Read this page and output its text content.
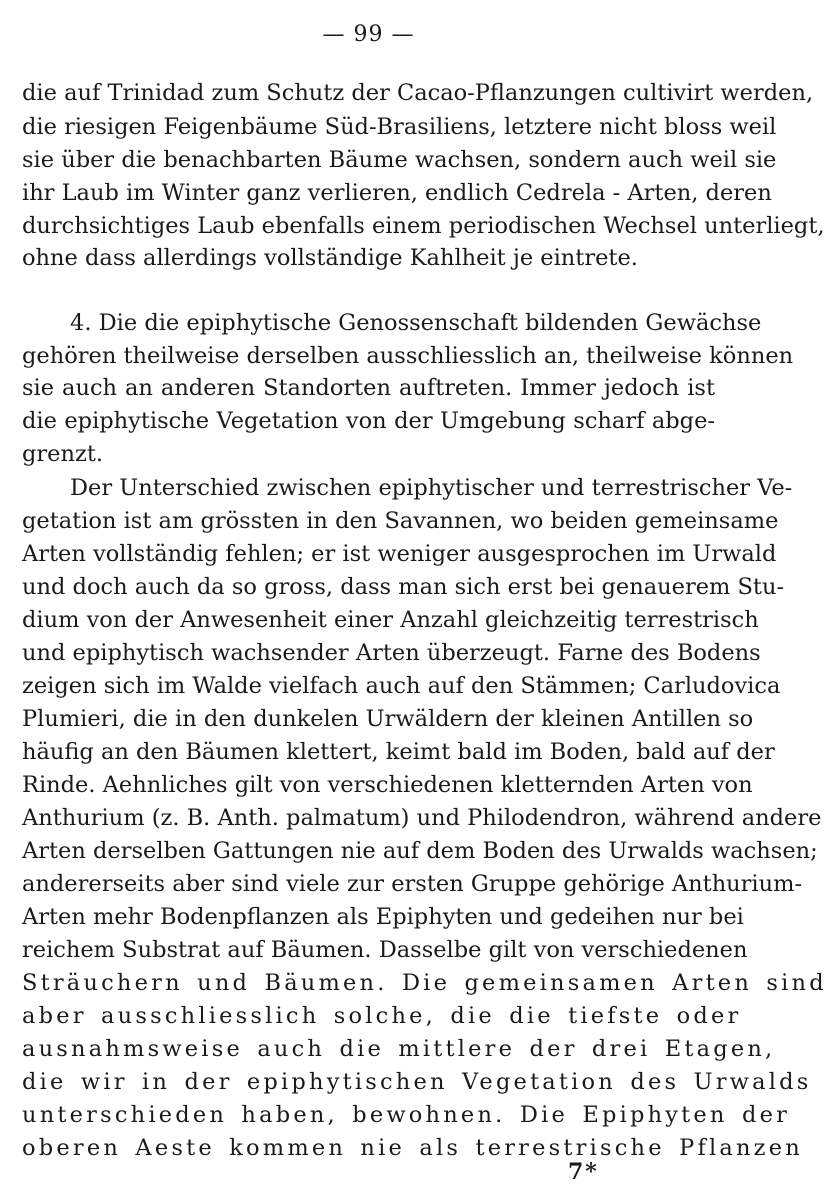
— 99 —
die auf Trinidad zum Schutz der Cacao-Pflanzungen cultivirt werden,
die riesigen Feigenbäume Süd-Brasiliens, letztere nicht bloss weil
sie über die benachbarten Bäume wachsen, sondern auch weil sie
ihr Laub im Winter ganz verlieren, endlich Cedrela - Arten, deren
durchsichtiges Laub ebenfalls einem periodischen Wechsel unterliegt,
ohne dass allerdings vollständige Kahlheit je eintrete.
4. Die die epiphytische Genossenschaft bildenden Gewächse
gehören theilweise derselben ausschliesslich an, theilweise können
sie auch an anderen Standorten auftreten. Immer jedoch ist
die epiphytische Vegetation von der Umgebung scharf abge-
grenzt.
Der Unterschied zwischen epiphytischer und terrestrischer Ve-
getation ist am grössten in den Savannen, wo beiden gemeinsame
Arten vollständig fehlen; er ist weniger ausgesprochen im Urwald
und doch auch da so gross, dass man sich erst bei genauerem Stu-
dium von der Anwesenheit einer Anzahl gleichzeitig terrestrisch
und epiphytisch wachsender Arten überzeugt. Farne des Bodens
zeigen sich im Walde vielfach auch auf den Stämmen; Carludovica
Plumieri, die in den dunkelen Urwäldern der kleinen Antillen so
häufig an den Bäumen klettert, keimt bald im Boden, bald auf der
Rinde. Aehnliches gilt von verschiedenen kletternden Arten von
Anthurium (z. B. Anth. palmatum) und Philodendron, während andere
Arten derselben Gattungen nie auf dem Boden des Urwalds wachsen;
andererseits aber sind viele zur ersten Gruppe gehörige Anthurium-
Arten mehr Bodenpflanzen als Epiphyten und gedeihen nur bei
reichem Substrat auf Bäumen. Dasselbe gilt von verschiedenen
Sträuchern und Bäumen. Die gemeinsamen Arten sind
aber ausschliesslich solche, die die tiefste oder
ausnahmsweise auch die mittlere der drei Etagen,
die wir in der epiphytischen Vegetation des Urwalds
unterschieden haben, bewohnen. Die Epiphyten der
oberen Aeste kommen nie als terrestrische Pflanzen
7*
